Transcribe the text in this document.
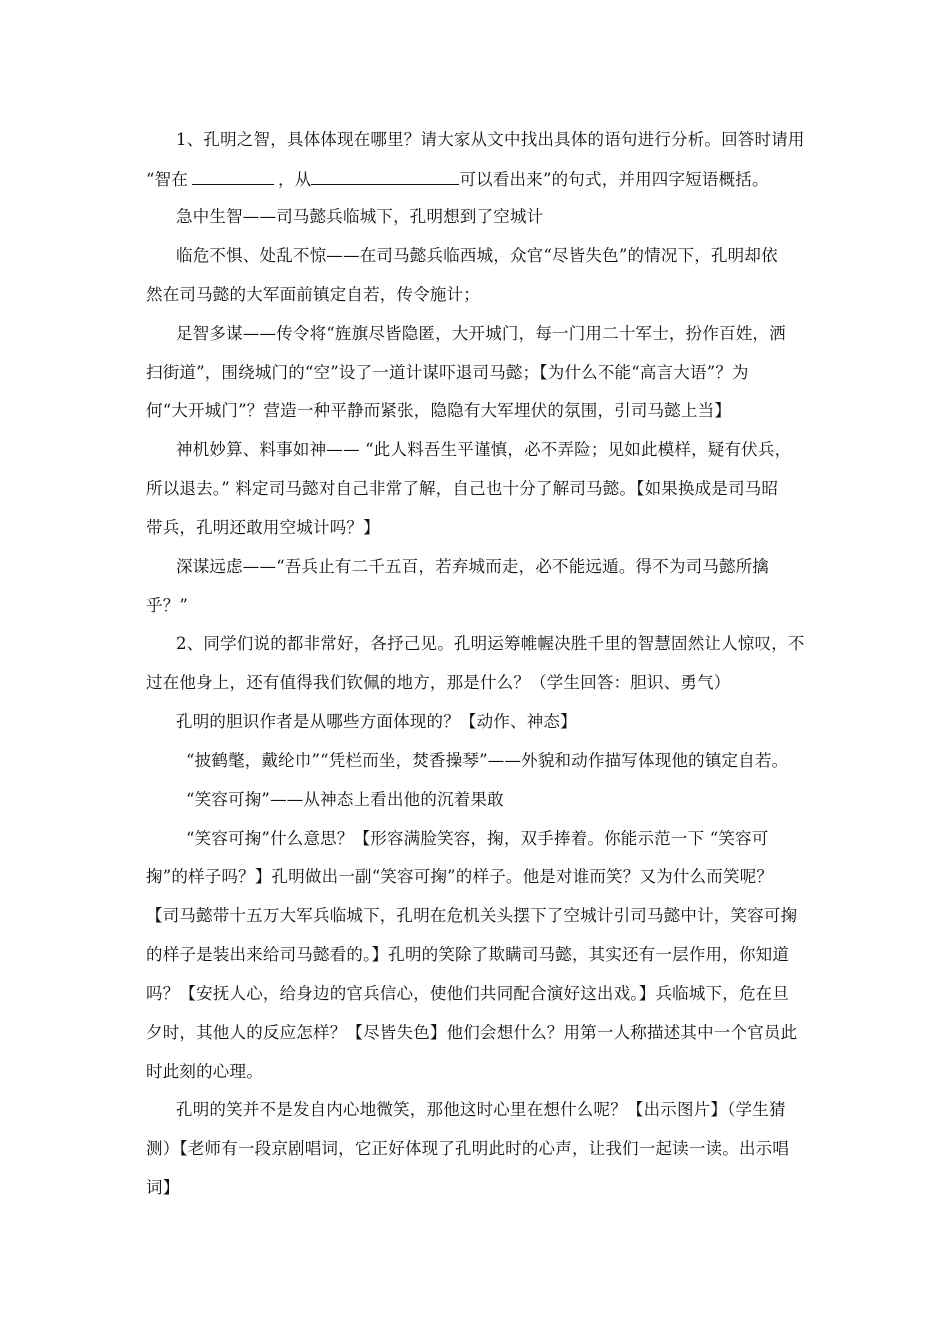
1、孔明之智，具体体现在哪里？请大家从文中找出具体的语句进行分析。回答时请用
“智在	，从	可以看出来”的句式，并用四字短语概括。
急中生智——司马懿兵临城下，孔明想到了空城计
临危不惧、处乱不惊——在司马懿兵临西城，众官“尽皆失色”的情况下，孔明却依
然在司马懿的大军面前镇定自若，传令施计；
足智多谋——传令将“旌旗尽皆隐匿，大开城门，每一门用二十军士，扮作百姓，洒
扫街道”，围绕城门的“空”设了一道计谋吓退司马懿；【为什么不能“高言大语”？为
何“大开城门”？营造一种平静而紧张，隐隐有大军埋伏的氛围，引司马懿上当】
神机妙算、料事如神—— “此人料吾生平谨慎，必不弄险；见如此模样，疑有伏兵，
所以退去。” 料定司马懿对自己非常了解，自己也十分了解司马懿。【如果换成是司马昭
带兵，孔明还敢用空城计吗？】
深谋远虑——“吾兵止有二千五百，若弃城而走，必不能远遁。得不为司马懿所擒
乎？”
2、同学们说的都非常好，各抒己见。孔明运筹帷幄决胜千里的智慧固然让人惊叹，不
过在他身上，还有值得我们钦佩的地方，那是什么？（学生回答：胆识、勇气）
孔明的胆识作者是从哪些方面体现的？【动作、神态】
“披鹤氅，戴纶巾”“凭栏而坐，焚香操琴”——外貌和动作描写体现他的镇定自若。
“笑容可掬”——从神态上看出他的沉着果敢
“笑容可掬”什么意思？【形容满脸笑容，掬，双手捧着。你能示范一下 “笑容可
掬”的样子吗？】孔明做出一副“笑容可掬”的样子。他是对谁而笑？又为什么而笑呢？
【司马懿带十五万大军兵临城下，孔明在危机关头摆下了空城计引司马懿中计，笑容可掬
的样子是装出来给司马懿看的。】孔明的笑除了欺瞒司马懿，其实还有一层作用，你知道
吗？【安抚人心，给身边的官兵信心，使他们共同配合演好这出戏。】兵临城下，危在旦
夕时，其他人的反应怎样？【尽皆失色】他们会想什么？用第一人称描述其中一个官员此
时此刻的心理。
孔明的笑并不是发自内心地微笑，那他这时心里在想什么呢？【出示图片】（学生猜
测）【老师有一段京剧唱词，它正好体现了孔明此时的心声，让我们一起读一读。出示唱
词】
